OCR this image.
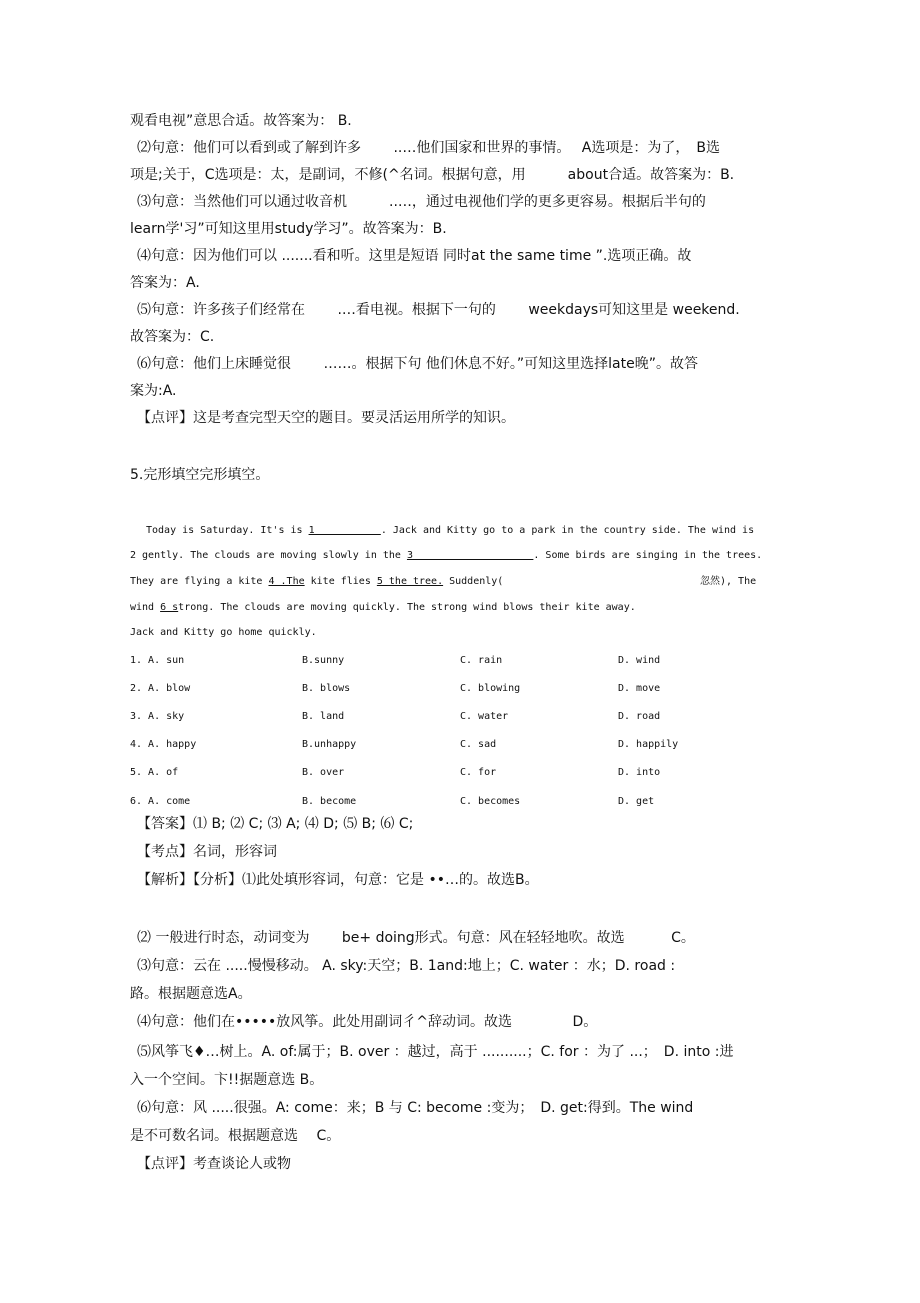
观看电视”意思合适。故答案为： B.
⑵句意：他们可以看到或了解到许多　　 ..…他们国家和世界的事情。　 A选项是：为了，　B选
项是;关于，C选项是：太，是副词，不修(^名词。根据句意，用　　　about合适。故答案为：B.
⑶句意：当然他们可以通过收音机　　　..…，通过电视他们学的更多更容易。根据后半句的
learn学'习”可知这里用study学习”。故答案为：B.
⑷句意：因为他们可以 .......看和听。这里是短语 同时at the same time ”.选项正确。故
答案为：A.
⑸句意：许多孩子们经常在　　 .…看电视。根据下一句的　　 weekdays可知这里是 weekend.
故答案为：C.
⑹句意：他们上床睡觉很　　 ……。根据下句 他们休息不好。”可知这里选择late晚”。故答
案为:A.
【点评】这是考查完型天空的题目。要灵活运用所学的知识。
5.完形填空完形填空。
Today is Saturday. It's is 1           . Jack and Kitty go to a park in the country side. The wind is
2 gently. The clouds are moving slowly in the 3                    . Some birds are singing in the trees.
They are flying a kite 4 .The kite flies 5 the tree. Suddenly(	忽然), The
wind 6 strong. The clouds are moving quickly. The strong wind blows their kite away.
Jack and Kitty go home quickly.
1. A. sun	B.sunny	C. rain	D. wind
2. A. blow	B. blows	C. blowing	D. move
3. A. sky	B. land	C. water	D. road
4. A. happy	B.unhappy	C. sad	D. happily
5. A. of	B. over	C. for	D. into
6. A. come	B. become	C. becomes	D. get
【答案】⑴ B; ⑵ C; ⑶ A; ⑷ D; ⑸ B; ⑹ C;
【考点】名词，形容词
【解析】【分析】⑴此处填形容词，句意：它是 ••…的。故选B。
⑵ 一般进行时态，动词变为　　 be+ doing形式。句意：风在轻轻地吹。故选　　　 C。
⑶句意：云在 .....慢慢移动。 A. sky:天空；B. 1and:地上；C. water ：水；D. road :
路。根据题意选A。
⑷句意：他们在•••••放风筝。此处用副词彳^辞动词。故选　　　　 D。
⑸风筝飞♦…树上。A. of:属于；B. over ：越过，高于 ..........；C. for ：为了 ...；　D. into :进
入一个空间。卞!!据题意选 B。
⑹句意：风 .....很强。A: come：来；B 与 C: become :变为；　D. get:得到。The wind
是不可数名词。根据题意选　 C。
【点评】考查谈论人或物
